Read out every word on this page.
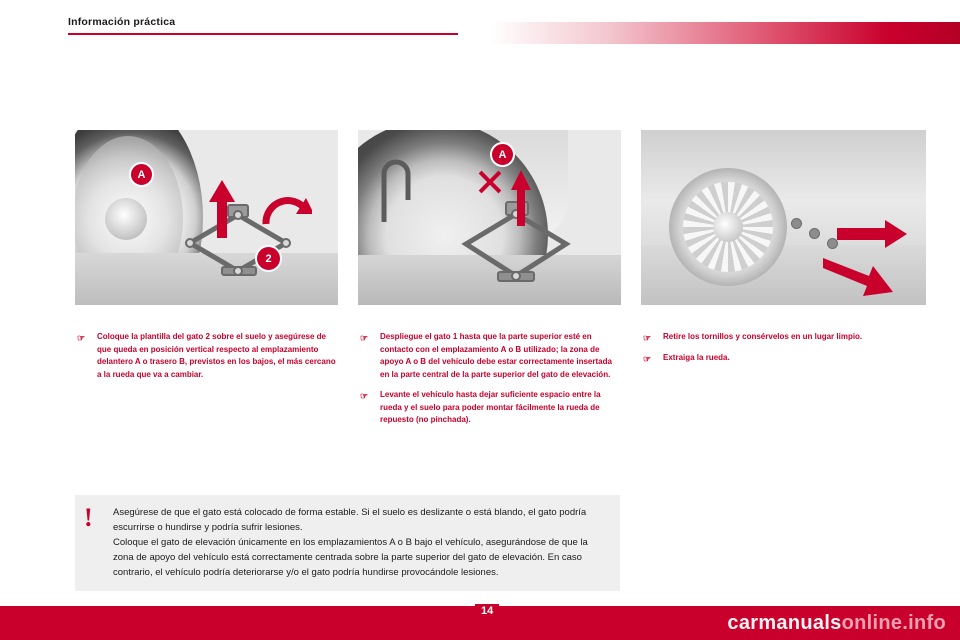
Información práctica
A
2
A
☞ Coloque la plantilla del gato 2 sobre el suelo y asegúrese de que queda en posición vertical respecto al emplazamiento delantero A o trasero B, previstos en los bajos, el más cercano a la rueda que va a cambiar.
☞ Despliegue el gato 1 hasta que la parte superior esté en contacto con el emplazamiento A o B utilizado; la zona de apoyo A o B del vehículo debe estar correctamente insertada en la parte central de la parte superior del gato de elevación.
☞ Levante el vehículo hasta dejar suficiente espacio entre la rueda y el suelo para poder montar fácilmente la rueda de repuesto (no pinchada).
☞ Retire los tornillos y consérvelos en un lugar limpio.
☞ Extraiga la rueda.
! Asegúrese de que el gato está colocado de forma estable. Si el suelo es deslizante o está blando, el gato podría escurrirse o hundirse y podría sufrir lesiones.
Coloque el gato de elevación únicamente en los emplazamientos A o B bajo el vehículo, asegurándose de que la zona de apoyo del vehículo está correctamente centrada sobre la parte superior del gato de elevación. En caso contrario, el vehículo podría deteriorarse y/o el gato podría hundirse provocándole lesiones.
14
carmanualsonline.info
